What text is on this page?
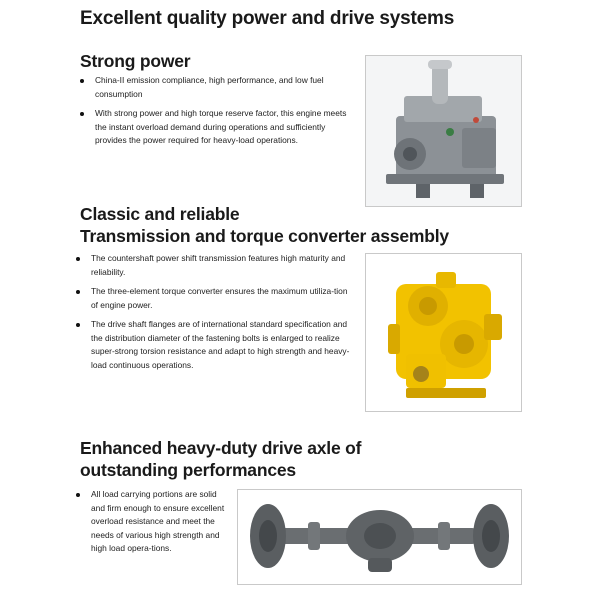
Excellent quality power and drive systems
Strong power
China-II emission compliance, high performance, and low fuel consumption
With strong power and high torque reserve factor, this engine meets the instant overload demand during operations and sufficiently provides the power required for heavy-load operations.
Classic and reliable
Transmission and torque converter assembly
The countershaft power shift transmission features high maturity and reliability.
The three-element torque converter ensures the maximum utiliza-tion of engine power.
The drive shaft flanges are of international standard specification and the distribution diameter of the fastening bolts is enlarged to realize super-strong torsion resistance and adapt to high strength and heavy-load continuous operations.
Enhanced heavy-duty drive axle of
outstanding performances
All load carrying portions are solid and firm enough to ensure excellent overload resistance and meet the needs of various high strength and high load opera-tions.
